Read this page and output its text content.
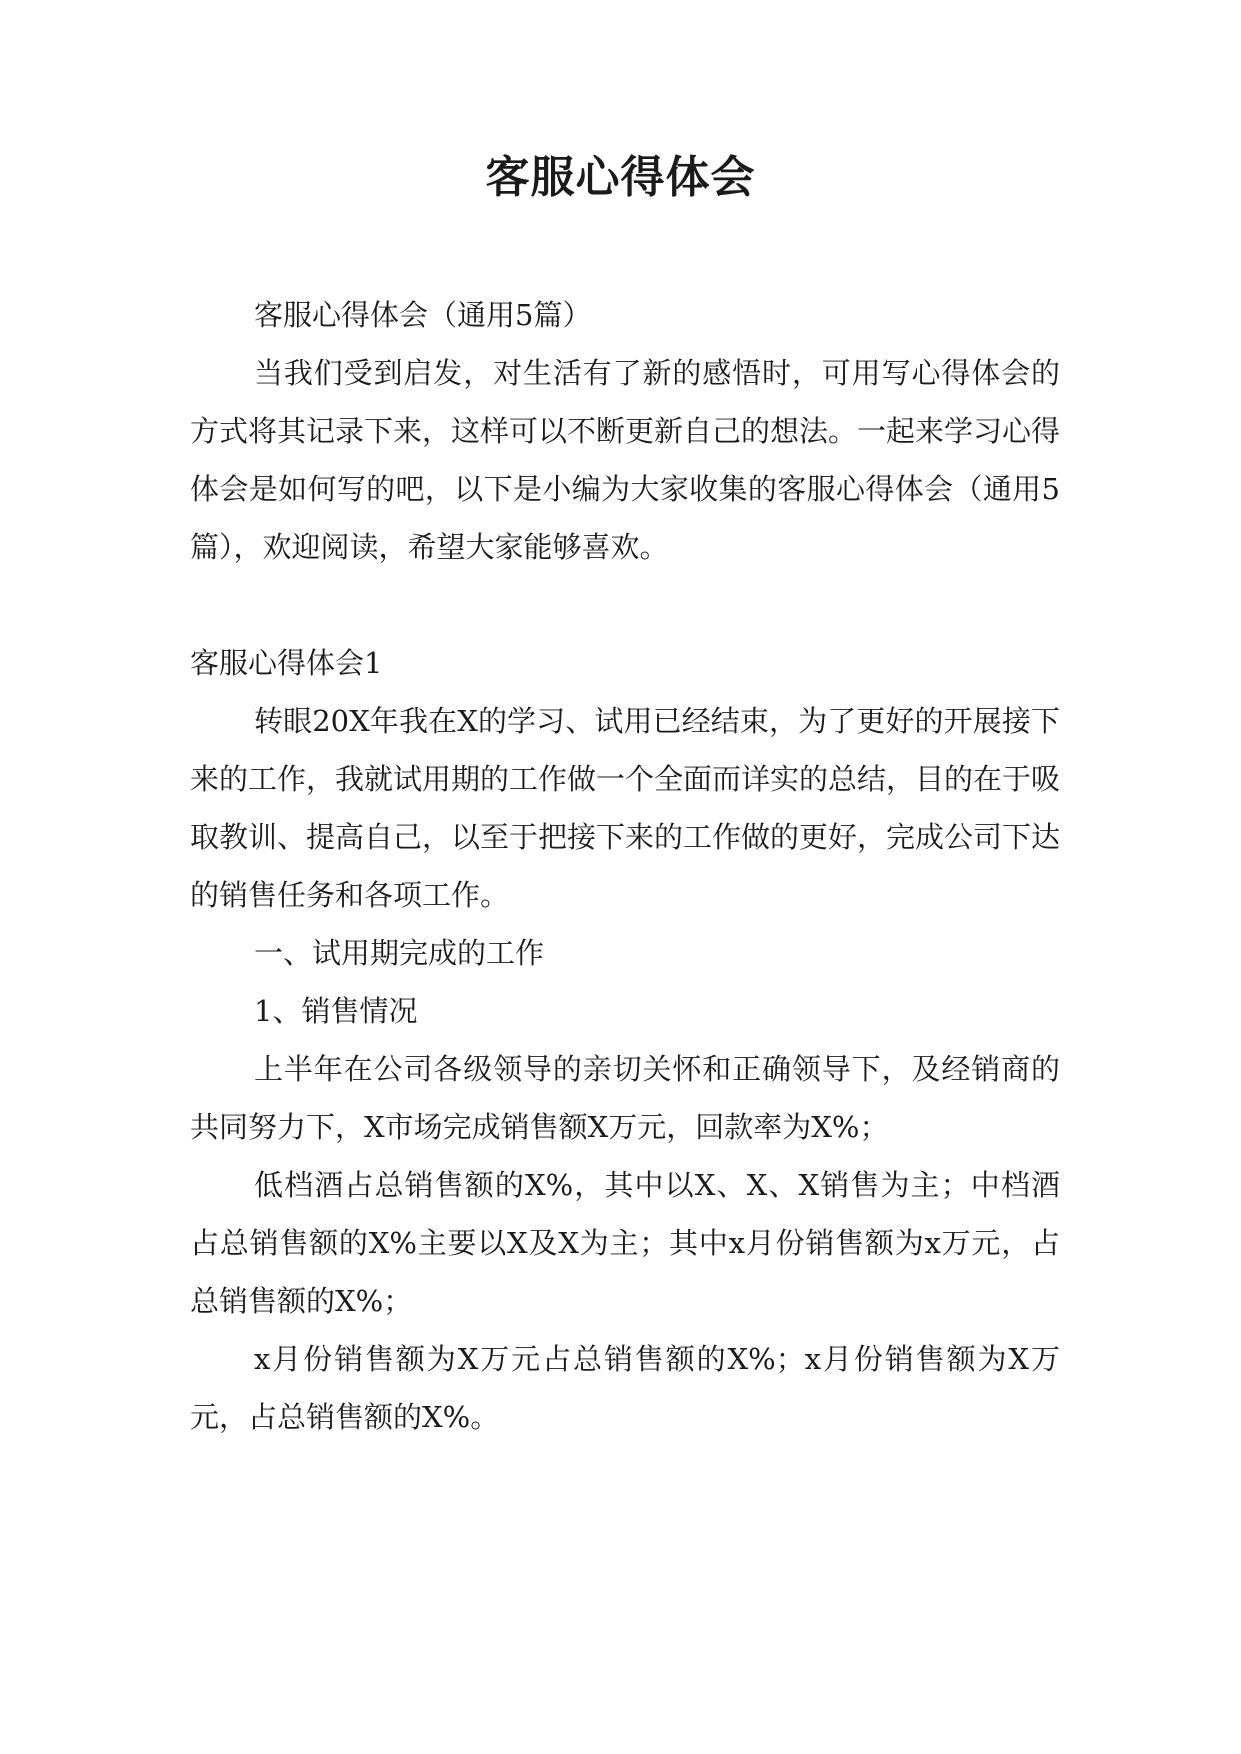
客服心得体会

客服心得体会（通用5篇）

当我们受到启发，对生活有了新的感悟时，可用写心得体会的方式将其记录下来，这样可以不断更新自己的想法。一起来学习心得体会是如何写的吧，以下是小编为大家收集的客服心得体会（通用5篇），欢迎阅读，希望大家能够喜欢。

客服心得体会1

转眼20X年我在X的学习、试用已经结束，为了更好的开展接下来的工作，我就试用期的工作做一个全面而详实的总结，目的在于吸取教训、提高自己，以至于把接下来的工作做的更好，完成公司下达的销售任务和各项工作。

一、试用期完成的工作

1、销售情况

上半年在公司各级领导的亲切关怀和正确领导下，及经销商的共同努力下，X市场完成销售额X万元，回款率为X%；

低档酒占总销售额的X%，其中以X、X、X销售为主；中档酒占总销售额的X%主要以X及X为主；其中x月份销售额为x万元，占总销售额的X%；

x月份销售额为X万元占总销售额的X%；x月份销售额为X万元，占总销售额的X%。
